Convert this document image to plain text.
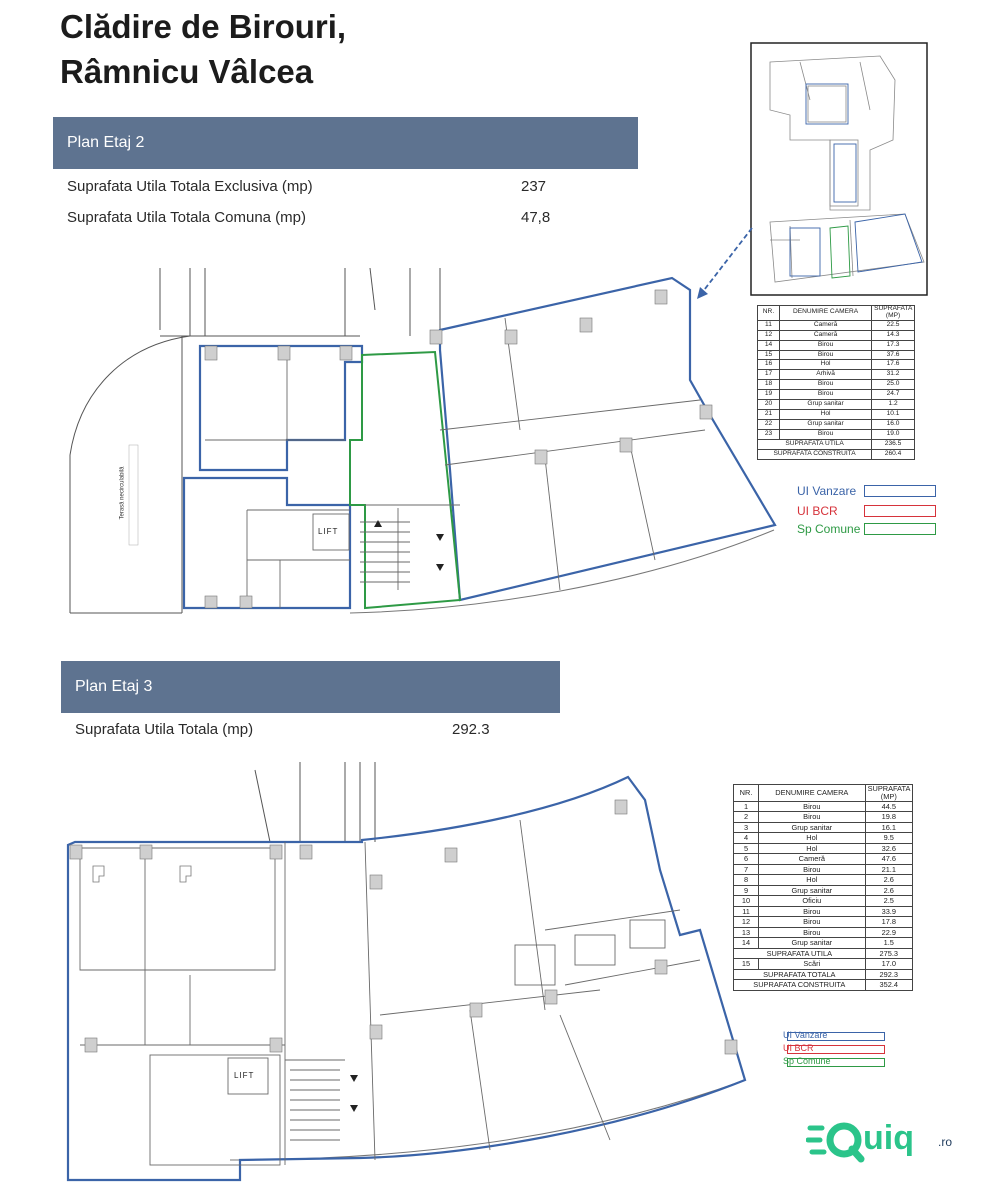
Clădire de Birouri,
Râmnicu Vâlcea
Plan Etaj 2
Suprafata Utila Totala Exclusiva (mp)	237
Suprafata Utila Totala Comuna (mp)	47,8
LIFT
Terasă necirculabilă
NR.	DENUMIRE CAMERA	SUPRAFATA (MP)
11	Cameră	22.5
12	Cameră	14.3
14	Birou	17.3
15	Birou	37.6
16	Hol	17.6
17	Arhivă	31.2
18	Birou	25.0
19	Birou	24.7
20	Grup sanitar	1.2
21	Hol	10.1
22	Grup sanitar	16.0
23	Birou	19.0
SUPRAFATA UTILA		236.5
SUPRAFATA CONSTRUITA		260.4
UI Vanzare
UI BCR
Sp Comune
Plan Etaj 3
Suprafata Utila Totala (mp)	292.3
LIFT
NR.	DENUMIRE CAMERA	SUPRAFATA (MP)
1	Birou	44.5
2	Birou	19.8
3	Grup sanitar	16.1
4	Hol	9.5
5	Hol	32.6
6	Cameră	47.6
7	Birou	21.1
8	Hol	2.6
9	Grup sanitar	2.6
10	Oficiu	2.5
11	Birou	33.9
12	Birou	17.8
13	Birou	22.9
14	Grup sanitar	1.5
SUPRAFATA UTILA		275.3
15	Scări	17.0
SUPRAFATA TOTALA		292.3
SUPRAFATA CONSTRUITA		352.4
UI Vanzare
UI BCR
Sp Comune
uiq .ro
